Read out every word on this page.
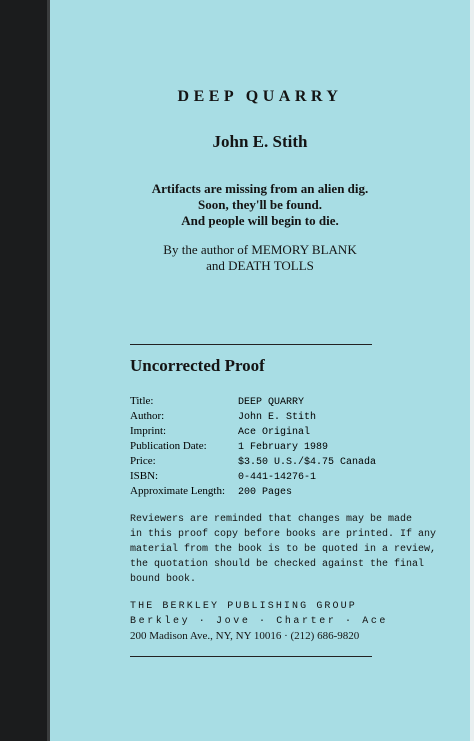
DEEP QUARRY
John E. Stith
Artifacts are missing from an alien dig.
Soon, they'll be found.
And people will begin to die.
By the author of MEMORY BLANK
and DEATH TOLLS
Uncorrected Proof
Title:	DEEP QUARRY
Author:	John E. Stith
Imprint:	Ace Original
Publication Date:	1 February 1989
Price:	$3.50 U.S./$4.75 Canada
ISBN:	0-441-14276-1
Approximate Length: 200 Pages
Reviewers are reminded that changes may be made
in this proof copy before books are printed. If any
material from the book is to be quoted in a review,
the quotation should be checked against the final
bound book.
THE BERKLEY PUBLISHING GROUP
Berkley · Jove · Charter · Ace
200 Madison Ave., NY, NY 10016 · (212) 686-9820
